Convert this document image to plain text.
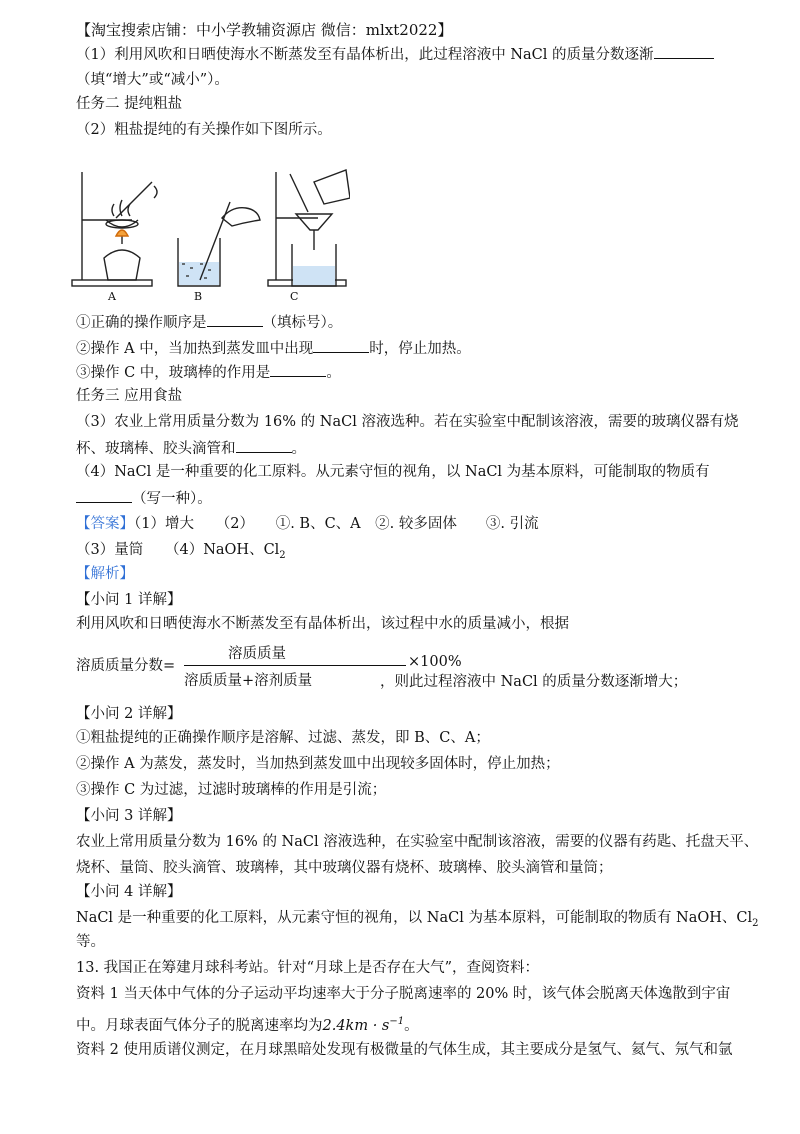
【淘宝搜索店铺：中小学教辅资源店 微信：mlxt2022】
（1）利用风吹和日晒使海水不断蒸发至有晶体析出，此过程溶液中 NaCl 的质量分数逐渐
（填“增大”或“减小”）。
任务二 提纯粗盐
（2）粗盐提纯的有关操作如下图所示。
A	B	C
①正确的操作顺序是	（填标号）。
②操作 A 中，当加热到蒸发皿中出现	时，停止加热。
③操作 C 中，玻璃棒的作用是	。
任务三 应用食盐
（3）农业上常用质量分数为 16% 的 NaCl 溶液选种。若在实验室中配制该溶液，需要的玻璃仪器有烧
杯、玻璃棒、胶头滴管和	。
（4）NaCl 是一种重要的化工原料。从元素守恒的视角，以 NaCl 为基本原料，可能制取的物质有
（写一种）。
【答案】（1）增大　　（2）　　①. B、C、A　②. 较多固体　　③. 引流
（3）量筒　　（4）NaOH、$Cl_2$
【解析】
【小问 1 详解】
利用风吹和日晒使海水不断蒸发至有晶体析出，该过程中水的质量减小，根据
溶质质量分数=
溶质质量
溶质质量+溶剂质量
×100%
，则此过程溶液中 NaCl 的质量分数逐渐增大；
【小问 2 详解】
①粗盐提纯的正确操作顺序是溶解、过滤、蒸发，即 B、C、A；
②操作 A 为蒸发，蒸发时，当加热到蒸发皿中出现较多固体时，停止加热；
③操作 C 为过滤，过滤时玻璃棒的作用是引流；
【小问 3 详解】
农业上常用质量分数为 16% 的 NaCl 溶液选种，在实验室中配制该溶液，需要的仪器有药匙、托盘天平、
烧杯、量筒、胶头滴管、玻璃棒，其中玻璃仪器有烧杯、玻璃棒、胶头滴管和量筒；
【小问 4 详解】
NaCl 是一种重要的化工原料，从元素守恒的视角，以 NaCl 为基本原料，可能制取的物质有 NaOH、$Cl_2$
等。
13. 我国正在筹建月球科考站。针对“月球上是否存在大气”，查阅资料：
资料 1 当天体中气体的分子运动平均速率大于分子脱离速率的 20% 时，该气体会脱离天体逸散到宇宙
中。月球表面气体分子的脱离速率均为$2.4km \cdot s^{-1}$。
资料 2 使用质谱仪测定，在月球黑暗处发现有极微量的气体生成，其主要成分是氢气、氦气、氖气和氩
